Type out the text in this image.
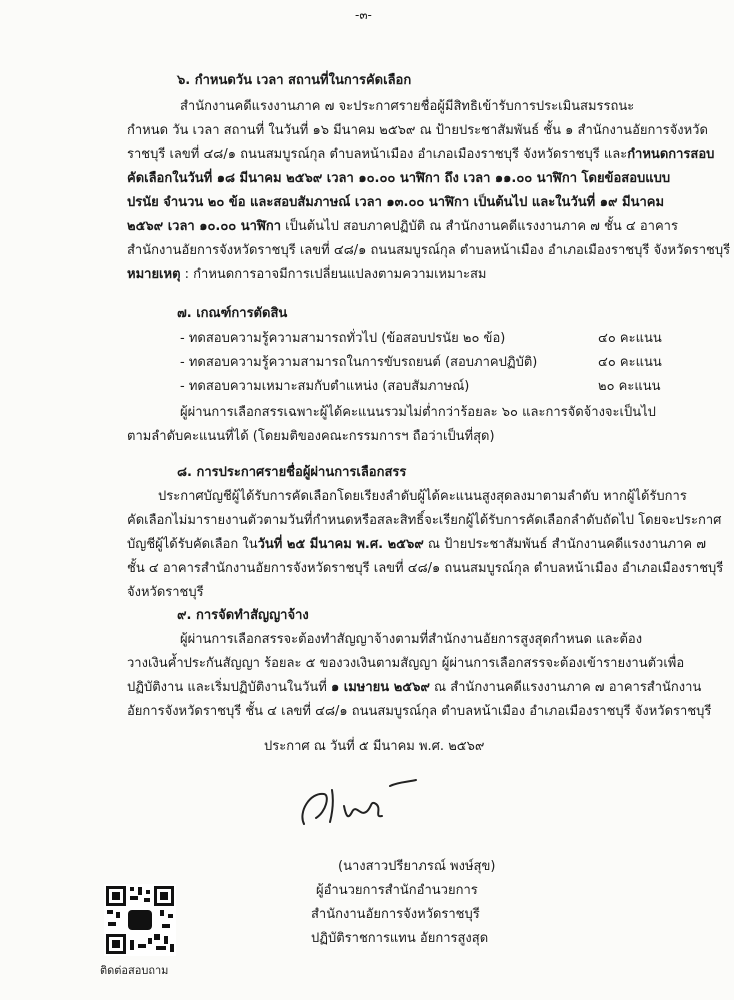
-๓-
๖. กำหนดวัน เวลา สถานที่ในการคัดเลือก
สำนักงานคดีแรงงานภาค ๗ จะประกาศรายชื่อผู้มีสิทธิเข้ารับการประเมินสมรรถนะ
กำหนด วัน เวลา สถานที่ ในวันที่ ๑๖ มีนาคม ๒๕๖๙ ณ ป้ายประชาสัมพันธ์ ชั้น ๑ สำนักงานอัยการจังหวัด
ราชบุรี เลขที่ ๔๘/๑ ถนนสมบูรณ์กุล ตำบลหน้าเมือง อำเภอเมืองราชบุรี จังหวัดราชบุรี และกำหนดการสอบ
คัดเลือกในวันที่ ๑๘ มีนาคม ๒๕๖๙ เวลา ๑๐.๐๐ นาฬิกา ถึง เวลา ๑๑.๐๐ นาฬิกา โดยข้อสอบแบบ
ปรนัย จำนวน ๒๐ ข้อ และสอบสัมภาษณ์ เวลา ๑๓.๐๐ นาฬิกา เป็นต้นไป และในวันที่ ๑๙ มีนาคม
๒๕๖๙ เวลา ๑๐.๐๐ นาฬิกา เป็นต้นไป สอบภาคปฏิบัติ ณ สำนักงานคดีแรงงานภาค ๗ ชั้น ๔ อาคาร
สำนักงานอัยการจังหวัดราชบุรี เลขที่ ๔๘/๑ ถนนสมบูรณ์กุล ตำบลหน้าเมือง อำเภอเมืองราชบุรี จังหวัดราชบุรี
หมายเหตุ : กำหนดการอาจมีการเปลี่ยนแปลงตามความเหมาะสม
๗. เกณฑ์การตัดสิน
- ทดสอบความรู้ความสามารถทั่วไป (ข้อสอบปรนัย ๒๐ ข้อ)	๔๐ คะแนน
- ทดสอบความรู้ความสามารถในการขับรถยนต์ (สอบภาคปฏิบัติ)	๔๐ คะแนน
- ทดสอบความเหมาะสมกับตำแหน่ง (สอบสัมภาษณ์)	๒๐ คะแนน
ผู้ผ่านการเลือกสรรเฉพาะผู้ได้คะแนนรวมไม่ต่ำกว่าร้อยละ ๖๐ และการจัดจ้างจะเป็นไป
ตามลำดับคะแนนที่ได้ (โดยมติของคณะกรรมการฯ ถือว่าเป็นที่สุด)
๘. การประกาศรายชื่อผู้ผ่านการเลือกสรร
ประกาศบัญชีผู้ได้รับการคัดเลือกโดยเรียงลำดับผู้ได้คะแนนสูงสุดลงมาตามลำดับ หากผู้ได้รับการ
คัดเลือกไม่มารายงานตัวตามวันที่กำหนดหรือสละสิทธิ์จะเรียกผู้ได้รับการคัดเลือกลำดับถัดไป โดยจะประกาศ
บัญชีผู้ได้รับคัดเลือก ในวันที่ ๒๕ มีนาคม พ.ศ. ๒๕๖๙ ณ ป้ายประชาสัมพันธ์ สำนักงานคดีแรงงานภาค ๗
ชั้น ๔ อาคารสำนักงานอัยการจังหวัดราชบุรี เลขที่ ๔๘/๑ ถนนสมบูรณ์กุล ตำบลหน้าเมือง อำเภอเมืองราชบุรี
จังหวัดราชบุรี
๙. การจัดทำสัญญาจ้าง
ผู้ผ่านการเลือกสรรจะต้องทำสัญญาจ้างตามที่สำนักงานอัยการสูงสุดกำหนด และต้อง
วางเงินค้ำประกันสัญญา ร้อยละ ๕ ของวงเงินตามสัญญา ผู้ผ่านการเลือกสรรจะต้องเข้ารายงานตัวเพื่อ
ปฏิบัติงาน และเริ่มปฏิบัติงานในวันที่ ๑ เมษายน ๒๕๖๙ ณ สำนักงานคดีแรงงานภาค ๗ อาคารสำนักงาน
อัยการจังหวัดราชบุรี ชั้น ๔ เลขที่ ๔๘/๑ ถนนสมบูรณ์กุล ตำบลหน้าเมือง อำเภอเมืองราชบุรี จังหวัดราชบุรี
ประกาศ ณ วันที่ ๕ มีนาคม พ.ศ. ๒๕๖๙
(นางสาวปรียาภรณ์ พงษ์สุข)
ผู้อำนวยการสำนักอำนวยการ
สำนักงานอัยการจังหวัดราชบุรี
ปฏิบัติราชการแทน อัยการสูงสุด
LINE
ติดต่อสอบถาม
